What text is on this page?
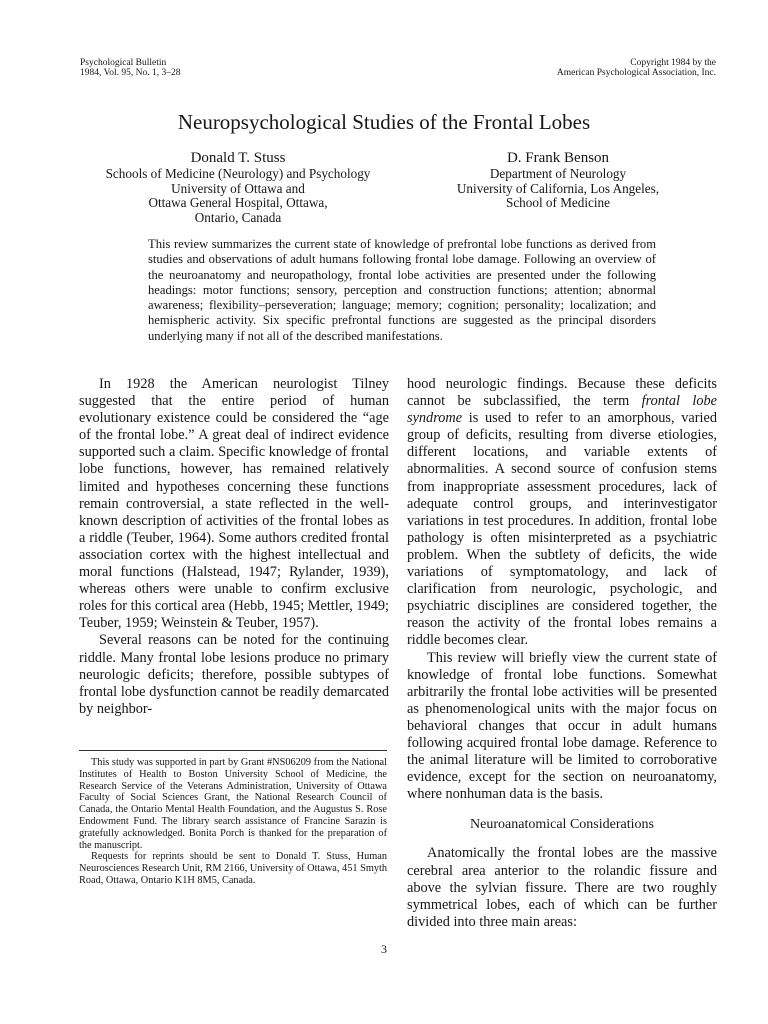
Psychological Bulletin
1984, Vol. 95, No. 1, 3–28
Copyright 1984 by the
American Psychological Association, Inc.
Neuropsychological Studies of the Frontal Lobes
Donald T. Stuss
Schools of Medicine (Neurology) and Psychology
University of Ottawa and
Ottawa General Hospital, Ottawa,
Ontario, Canada
D. Frank Benson
Department of Neurology
University of California, Los Angeles,
School of Medicine
This review summarizes the current state of knowledge of prefrontal lobe functions as derived from studies and observations of adult humans following frontal lobe damage. Following an overview of the neuroanatomy and neuropathology, frontal lobe activities are presented under the following headings: motor functions; sensory, perception and construction functions; attention; abnormal awareness; flexibility–perseveration; language; memory; cognition; personality; localization; and hemispheric activity. Six specific prefrontal functions are suggested as the principal disorders underlying many if not all of the described manifestations.

In 1928 the American neurologist Tilney suggested that the entire period of human evolutionary existence could be considered the “age of the frontal lobe.” A great deal of indirect evidence supported such a claim. Specific knowledge of frontal lobe functions, however, has remained relatively limited and hypotheses concerning these functions remain controversial, a state reflected in the well-known description of activities of the frontal lobes as a riddle (Teuber, 1964). Some authors credited frontal association cortex with the highest intellectual and moral functions (Halstead, 1947; Rylander, 1939), whereas others were unable to confirm exclusive roles for this cortical area (Hebb, 1945; Mettler, 1949; Teuber, 1959; Weinstein & Teuber, 1957).

Several reasons can be noted for the continuing riddle. Many frontal lobe lesions produce no primary neurologic deficits; therefore, possible subtypes of frontal lobe dysfunction cannot be readily demarcated by neighbor-

This study was supported in part by Grant #NS06209 from the National Institutes of Health to Boston University School of Medicine, the Research Service of the Veterans Administration, University of Ottawa Faculty of Social Sciences Grant, the National Research Council of Canada, the Ontario Mental Health Foundation, and the Augustus S. Rose Endowment Fund. The library search assistance of Francine Sarazin is gratefully acknowledged. Bonita Porch is thanked for the preparation of the manuscript.

Requests for reprints should be sent to Donald T. Stuss, Human Neurosciences Research Unit, RM 2166, University of Ottawa, 451 Smyth Road, Ottawa, Ontario K1H 8M5, Canada.

hood neurologic findings. Because these deficits cannot be subclassified, the term frontal lobe syndrome is used to refer to an amorphous, varied group of deficits, resulting from diverse etiologies, different locations, and variable extents of abnormalities. A second source of confusion stems from inappropriate assessment procedures, lack of adequate control groups, and interinvestigator variations in test procedures. In addition, frontal lobe pathology is often misinterpreted as a psychiatric problem. When the subtlety of deficits, the wide variations of symptomatology, and lack of clarification from neurologic, psychologic, and psychiatric disciplines are considered together, the reason the activity of the frontal lobes remains a riddle becomes clear.

This review will briefly view the current state of knowledge of frontal lobe functions. Somewhat arbitrarily the frontal lobe activities will be presented as phenomenological units with the major focus on behavioral changes that occur in adult humans following acquired frontal lobe damage. Reference to the animal literature will be limited to corroborative evidence, except for the section on neuroanatomy, where nonhuman data is the basis.

Neuroanatomical Considerations

Anatomically the frontal lobes are the massive cerebral area anterior to the rolandic fissure and above the sylvian fissure. There are two roughly symmetrical lobes, each of which can be further divided into three main areas:

3
